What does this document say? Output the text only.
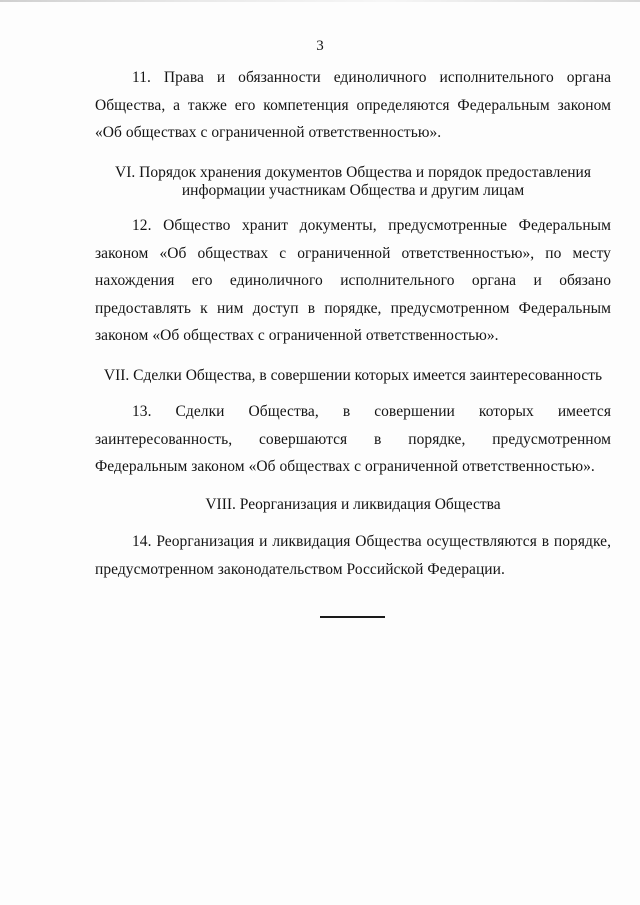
3

11. Права и обязанности единоличного исполнительного органа Общества, а также его компетенция определяются Федеральным законом «Об обществах с ограниченной ответственностью».

VI. Порядок хранения документов Общества и порядок предоставления
информации участникам Общества и другим лицам

12. Общество хранит документы, предусмотренные Федеральным законом «Об обществах с ограниченной ответственностью», по месту нахождения его единоличного исполнительного органа и обязано предоставлять к ним доступ в порядке, предусмотренном Федеральным законом «Об обществах с ограниченной ответственностью».

VII. Сделки Общества, в совершении которых имеется заинтересованность

13. Сделки Общества, в совершении которых имеется заинтересованность, совершаются в порядке, предусмотренном Федеральным законом «Об обществах с ограниченной ответственностью».

VIII. Реорганизация и ликвидация Общества

14. Реорганизация и ликвидация Общества осуществляются в порядке, предусмотренном законодательством Российской Федерации.
